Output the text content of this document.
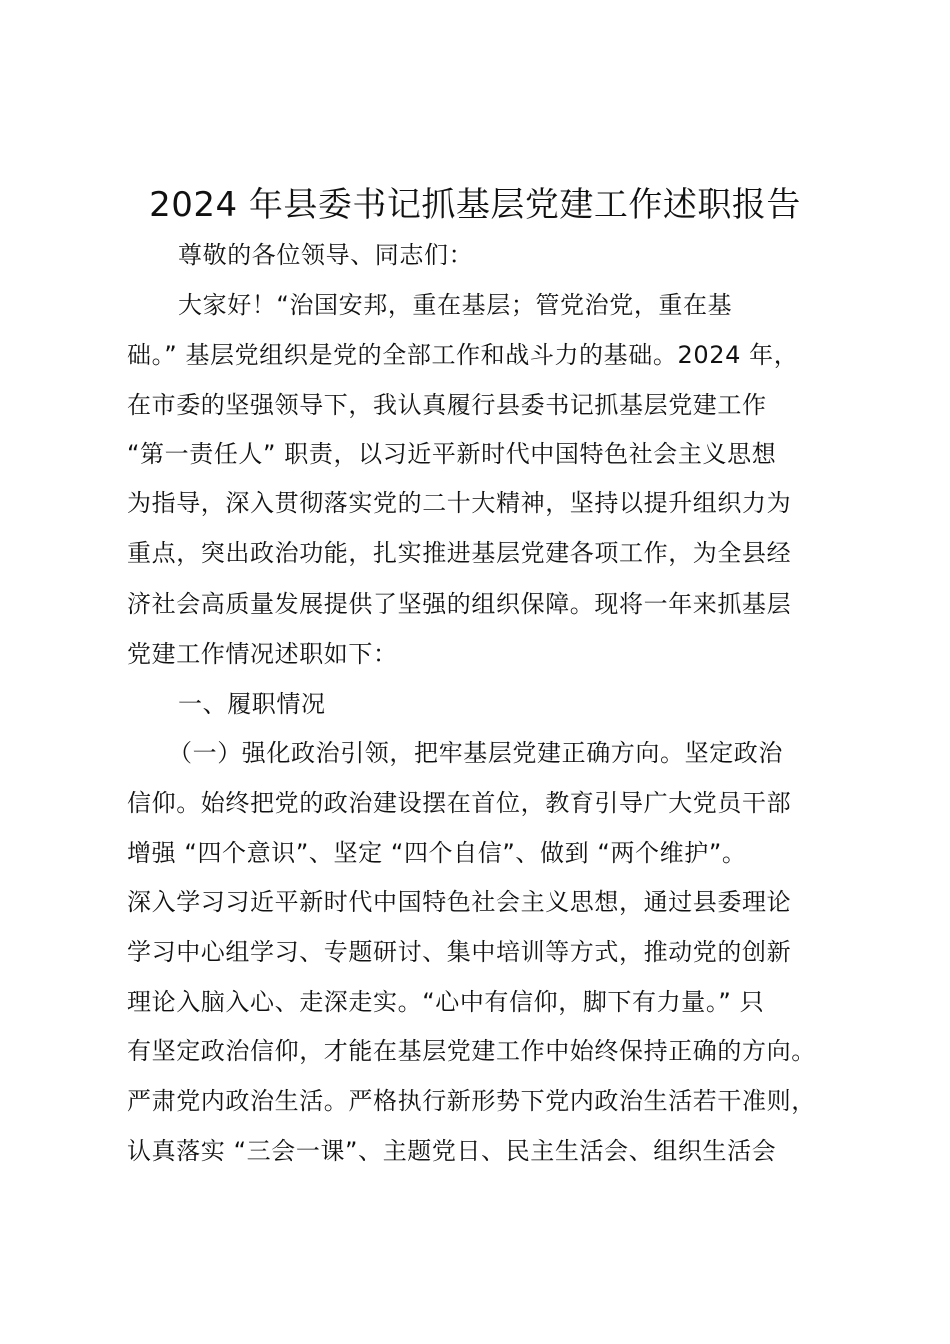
2024 年县委书记抓基层党建工作述职报告
尊敬的各位领导、同志们：
大家好！“治国安邦，重在基层；管党治党，重在基
础。” 基层党组织是党的全部工作和战斗力的基础。2024 年，
在市委的坚强领导下，我认真履行县委书记抓基层党建工作
“第一责任人” 职责，以习近平新时代中国特色社会主义思想
为指导，深入贯彻落实党的二十大精神，坚持以提升组织力为
重点，突出政治功能，扎实推进基层党建各项工作，为全县经
济社会高质量发展提供了坚强的组织保障。现将一年来抓基层
党建工作情况述职如下：
一、履职情况
（一）强化政治引领，把牢基层党建正确方向。坚定政治
信仰。始终把党的政治建设摆在首位，教育引导广大党员干部
增强 “四个意识”、坚定 “四个自信”、做到 “两个维护”。
深入学习习近平新时代中国特色社会主义思想，通过县委理论
学习中心组学习、专题研讨、集中培训等方式，推动党的创新
理论入脑入心、走深走实。“心中有信仰，脚下有力量。” 只
有坚定政治信仰，才能在基层党建工作中始终保持正确的方向。
严肃党内政治生活。严格执行新形势下党内政治生活若干准则，
认真落实 “三会一课”、主题党日、民主生活会、组织生活会
